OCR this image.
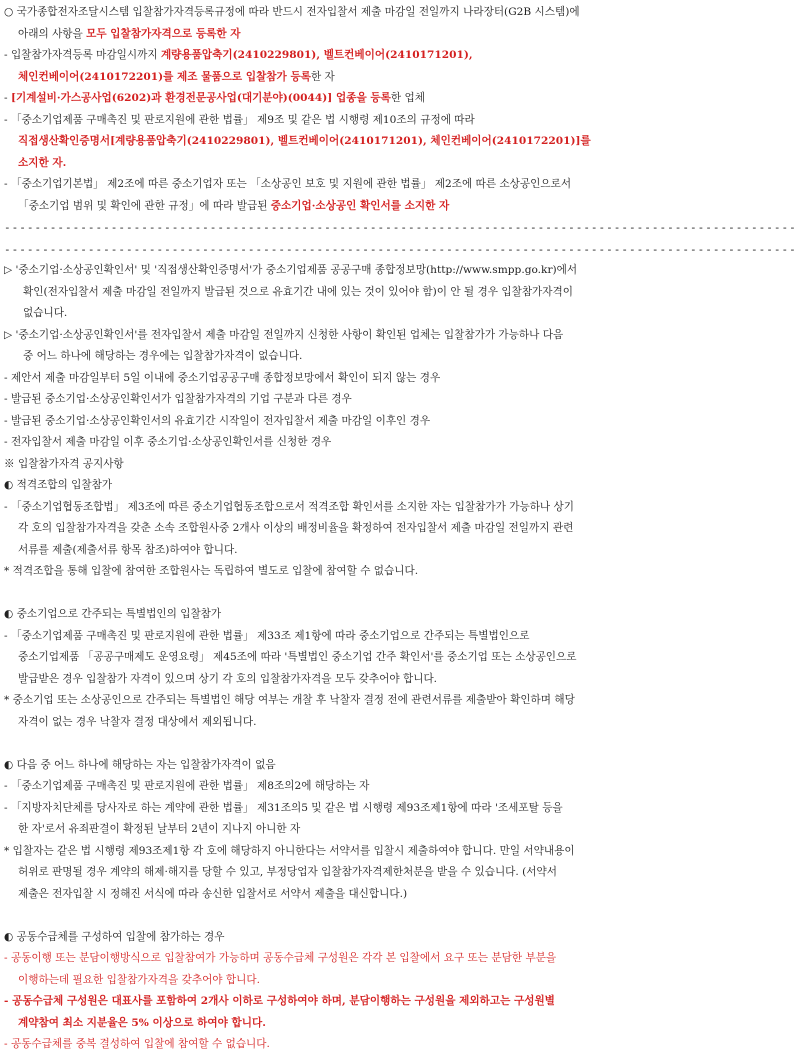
○ 국가종합전자조달시스템 입찰참가자격등록규정에 따라 반드시 전자입찰서 제출 마감일 전일까지 나라장터(G2B 시스템)에
아래의 사항을 모두 입찰참가자격으로 등록한 자
- 입찰참가자격등록 마감일시까지 계량용품압축기(2410229801), 벨트컨베이어(2410171201),
체인컨베이어(2410172201)를 제조 물품으로 입찰참가 등록한 자
- [기계설비·가스공사업(6202)과 환경전문공사업(대기분야)(0044)] 업종을 등록한 업체
- 「중소기업제품 구매촉진 및 판로지원에 관한 법률」 제9조 및 같은 법 시행령 제10조의 규정에 따라
직접생산확인증명서[계량용품압축기(2410229801), 벨트컨베이어(2410171201), 체인컨베이어(2410172201)]를
소지한 자.
- 「중소기업기본법」 제2조에 따른 중소기업자 또는 「소상공인 보호 및 지원에 관한 법률」 제2조에 따른 소상공인으로서
「중소기업 범위 및 확인에 관한 규정」에 따라 발급된 중소기업·소상공인 확인서를 소지한 자
--------------------------------------------------------------------------------------------------------
--------------------------------------------------------------------------------------------------------
▷ '중소기업·소상공인확인서' 및 '직접생산확인증명서'가 중소기업제품 공공구매 종합정보망(http://www.smpp.go.kr)에서
확인(전자입찰서 제출 마감일 전일까지 발급된 것으로 유효기간 내에 있는 것이 있어야 함)이 안 될 경우 입찰참가자격이
없습니다.
▷ '중소기업·소상공인확인서'를 전자입찰서 제출 마감일 전일까지 신청한 사항이 확인된 업체는 입찰참가가 가능하나 다음
중 어느 하나에 해당하는 경우에는 입찰참가자격이 없습니다.
- 제안서 제출 마감일부터 5일 이내에 중소기업공공구매 종합정보망에서 확인이 되지 않는 경우
- 발급된 중소기업·소상공인확인서가 입찰참가자격의 기업 구분과 다른 경우
- 발급된 중소기업·소상공인확인서의 유효기간 시작일이 전자입찰서 제출 마감일 이후인 경우
- 전자입찰서 제출 마감일 이후 중소기업·소상공인확인서를 신청한 경우
※ 입찰참가자격 공지사항
◐ 적격조합의 입찰참가
- 「중소기업협동조합법」 제3조에 따른 중소기업협동조합으로서 적격조합 확인서를 소지한 자는 입찰참가가 가능하나 상기
각 호의 입찰참가자격을 갖춘 소속 조합원사중 2개사 이상의 배정비율을 확정하여 전자입찰서 제출 마감일 전일까지 관련
서류를 제출(제출서류 항목 참조)하여야 합니다.
* 적격조합을 통해 입찰에 참여한 조합원사는 독립하여 별도로 입찰에 참여할 수 없습니다.
◐ 중소기업으로 간주되는 특별법인의 입찰참가
- 「중소기업제품 구매촉진 및 판로지원에 관한 법률」 제33조 제1항에 따라 중소기업으로 간주되는 특별법인으로
중소기업제품 「공공구매제도 운영요령」 제45조에 따라 '특별법인 중소기업 간주 확인서'를 중소기업 또는 소상공인으로
발급받은 경우 입찰참가 자격이 있으며 상기 각 호의 입찰참가자격을 모두 갖추어야 합니다.
* 중소기업 또는 소상공인으로 간주되는 특별법인 해당 여부는 개찰 후 낙찰자 결정 전에 관련서류를 제출받아 확인하며 해당
자격이 없는 경우 낙찰자 결정 대상에서 제외됩니다.
◐ 다음 중 어느 하나에 해당하는 자는 입찰참가자격이 없음
- 「중소기업제품 구매촉진 및 판로지원에 관한 법률」 제8조의2에 해당하는 자
- 「지방자치단체를 당사자로 하는 계약에 관한 법률」 제31조의5 및 같은 법 시행령 제93조제1항에 따라 '조세포탈 등을
한 자'로서 유죄판결이 확정된 날부터 2년이 지나지 아니한 자
* 입찰자는 같은 법 시행령 제93조제1항 각 호에 해당하지 아니한다는 서약서를 입찰시 제출하여야 합니다. 만일 서약내용이
허위로 판명될 경우 계약의 해제·해지를 당할 수 있고, 부정당업자 입찰참가자격제한처분을 받을 수 있습니다. (서약서
제출은 전자입찰 시 정해진 서식에 따라 송신한 입찰서로 서약서 제출을 대신합니다.)
◐ 공동수급체를 구성하여 입찰에 참가하는 경우
- 공동이행 또는 분담이행방식으로 입찰참여가 가능하며 공동수급체 구성원은 각각 본 입찰에서 요구 또는 분담한 부분을
이행하는데 필요한 입찰참가자격을 갖추어야 합니다.
- 공동수급체 구성원은 대표사를 포함하여 2개사 이하로 구성하여야 하며, 분담이행하는 구성원을 제외하고는 구성원별
계약참여 최소 지분율은 5% 이상으로 하여야 합니다.
- 공동수급체를 중복 결성하여 입찰에 참여할 수 없습니다.
